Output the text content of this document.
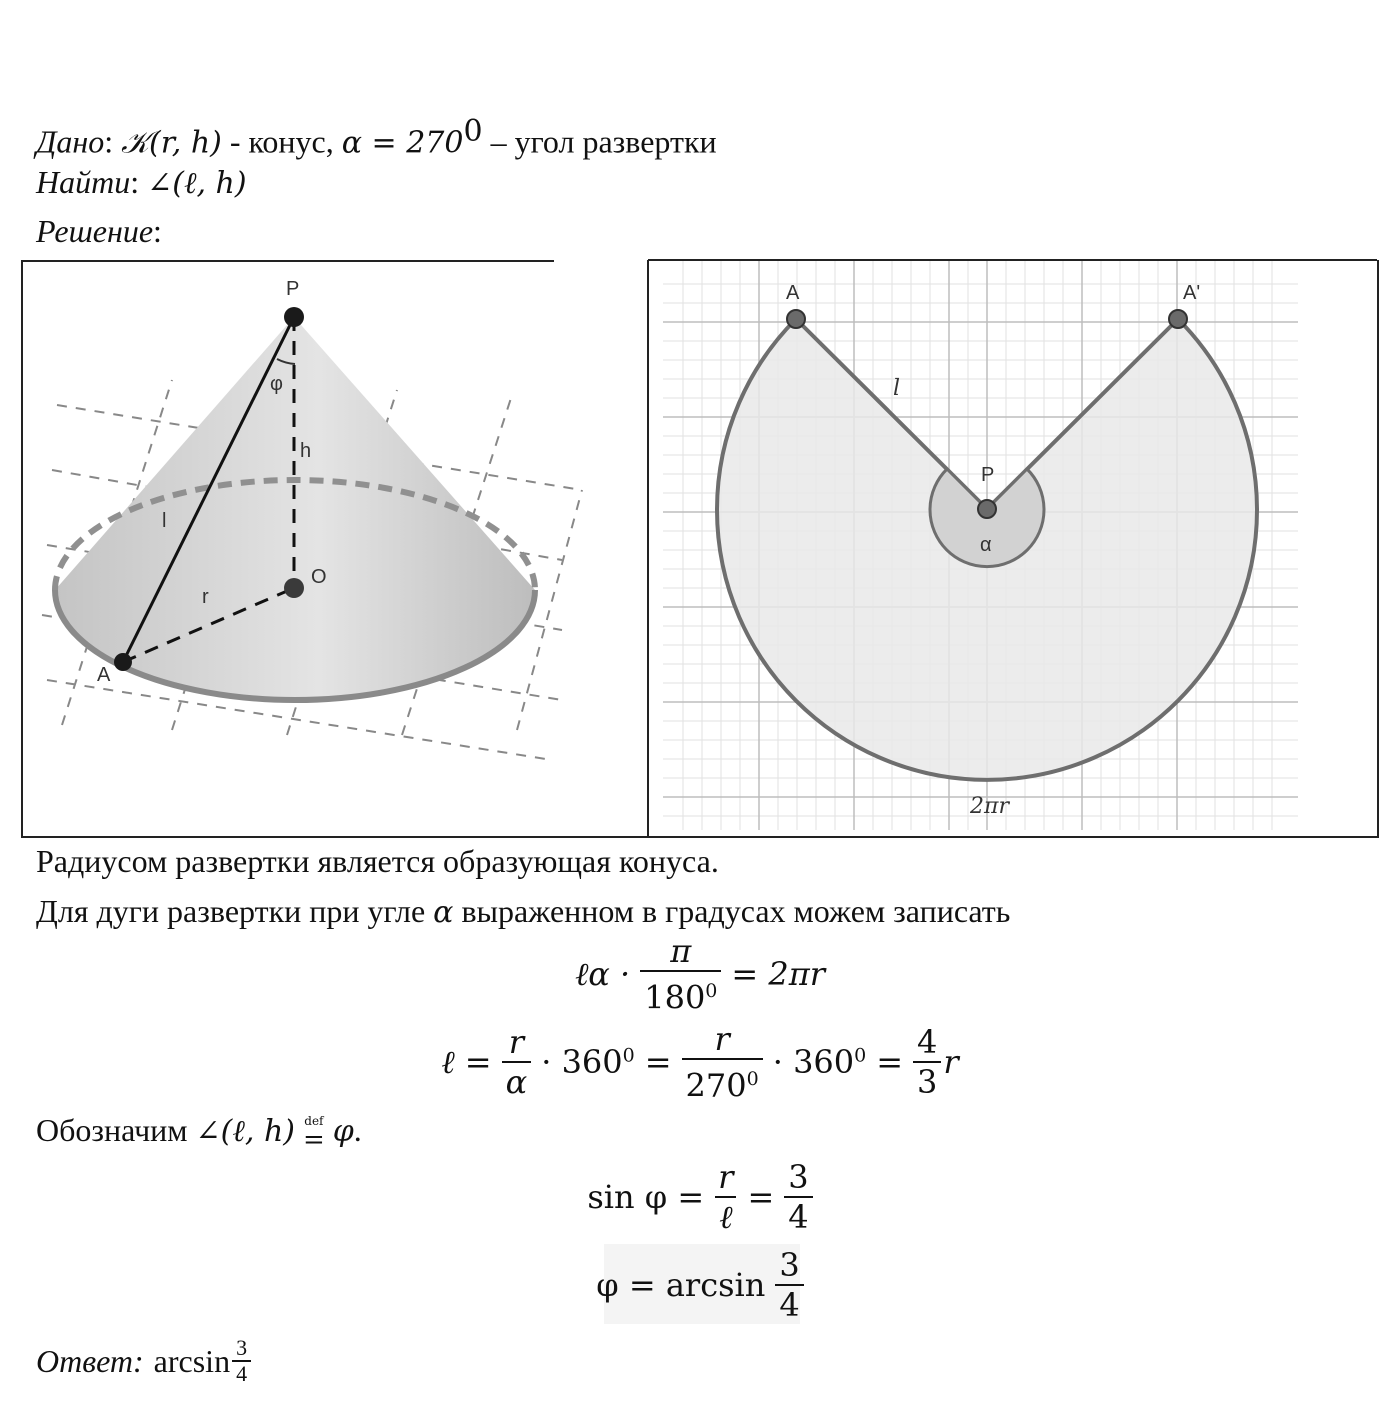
Дано: 𝒦(r, h) - конус, $\alpha = 270^0$ – угол развертки
Найти: ∠(ℓ, h)
Решение:
P
O
A
φ
h
l
r
A	A'
P
α
l
2πr
Радиусом развертки является образующая конуса.
Для дуги развертки при угле α выраженном в градусах можем записать
ℓα · $\frac{\pi}{180^0} = 2\pi r$
ℓ = $\frac{r}{\alpha} \cdot 360^0 = \frac{r}{270^0} \cdot 360^0 = \frac{4}{3}$ r
Обозначим ∠(ℓ, h) def
= φ.
$\sin \varphi = \frac{r}{\text{ℓ}} = \frac{3}{4}$
$\varphi = \arcsin \frac{3}{4}$
Ответ: $\arcsin \frac{3}{4}$
